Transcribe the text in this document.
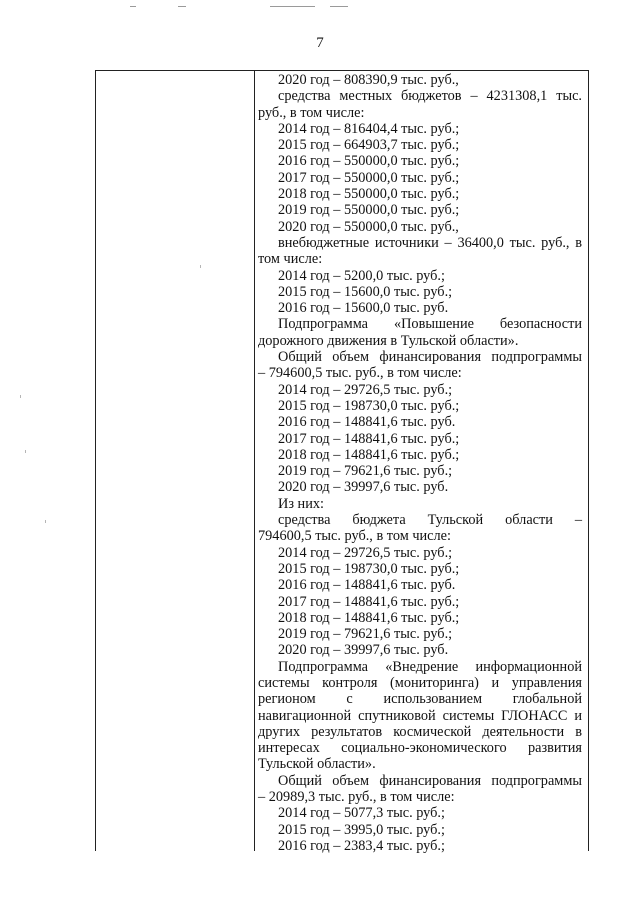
7
2020 год – 808390,9 тыс. руб.,
средства местных бюджетов – 4231308,1 тыс.
руб., в том числе:
2014 год – 816404,4 тыс. руб.;
2015 год – 664903,7 тыс. руб.;
2016 год – 550000,0 тыс. руб.;
2017 год – 550000,0 тыс. руб.;
2018 год – 550000,0 тыс. руб.;
2019 год – 550000,0 тыс. руб.;
2020 год – 550000,0 тыс. руб.,
внебюджетные источники – 36400,0 тыс. руб., в
том числе:
2014 год – 5200,0 тыс. руб.;
2015 год – 15600,0 тыс. руб.;
2016 год – 15600,0 тыс. руб.
Подпрограмма «Повышение безопасности
дорожного движения в Тульской области».
Общий объем финансирования подпрограммы
– 794600,5 тыс. руб., в том числе:
2014 год – 29726,5 тыс. руб.;
2015 год – 198730,0 тыс. руб.;
2016 год – 148841,6 тыс. руб.
2017 год – 148841,6 тыс. руб.;
2018 год – 148841,6 тыс. руб.;
2019 год – 79621,6 тыс. руб.;
2020 год – 39997,6 тыс. руб.
Из них:
средства бюджета Тульской области –
794600,5 тыс. руб., в том числе:
2014 год – 29726,5 тыс. руб.;
2015 год – 198730,0 тыс. руб.;
2016 год – 148841,6 тыс. руб.
2017 год – 148841,6 тыс. руб.;
2018 год – 148841,6 тыс. руб.;
2019 год – 79621,6 тыс. руб.;
2020 год – 39997,6 тыс. руб.
Подпрограмма «Внедрение информационной
системы контроля (мониторинга) и управления
регионом с использованием глобальной
навигационной спутниковой системы ГЛОНАСС и
других результатов космической деятельности в
интересах социально-экономического развития
Тульской области».
Общий объем финансирования подпрограммы
– 20989,3 тыс. руб., в том числе:
2014 год – 5077,3 тыс. руб.;
2015 год – 3995,0 тыс. руб.;
2016 год – 2383,4 тыс. руб.;
